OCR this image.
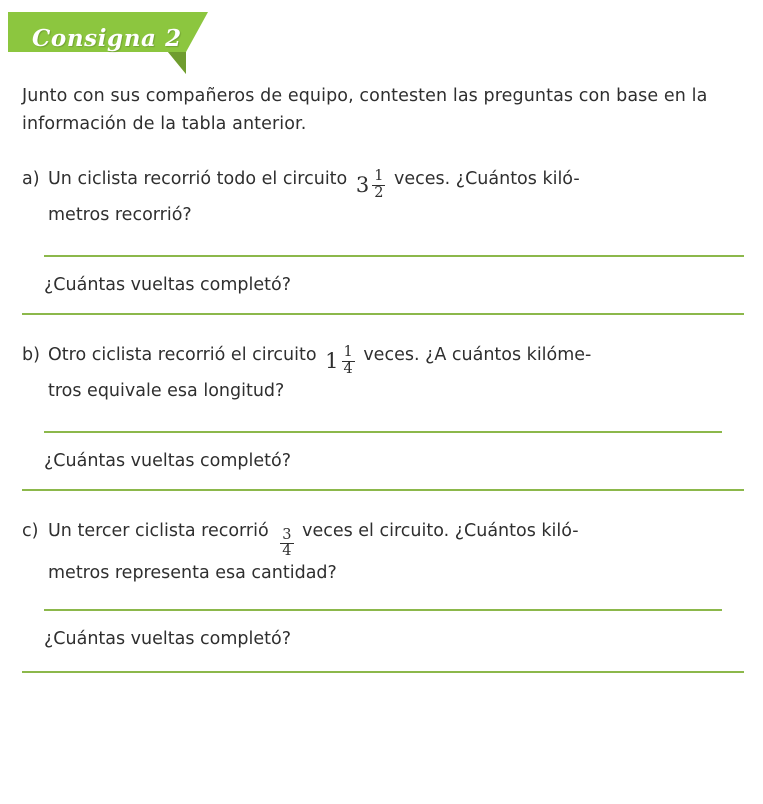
Consigna 2
Junto con sus compañeros de equipo, contesten las preguntas con base en la información de la tabla anterior.
a) Un ciclista recorrió todo el circuito $3 \frac{1}{2}$ veces. ¿Cuántos kiló-
metros recorrió?
¿Cuántas vueltas completó?
b) Otro ciclista recorrió el circuito $1 \frac{1}{4}$ veces. ¿A cuántos kilóme-
tros equivale esa longitud?
¿Cuántas vueltas completó?
c) Un tercer ciclista recorrió $\frac{3}{4}$ veces el circuito. ¿Cuántos kiló-
metros representa esa cantidad?
¿Cuántas vueltas completó?
